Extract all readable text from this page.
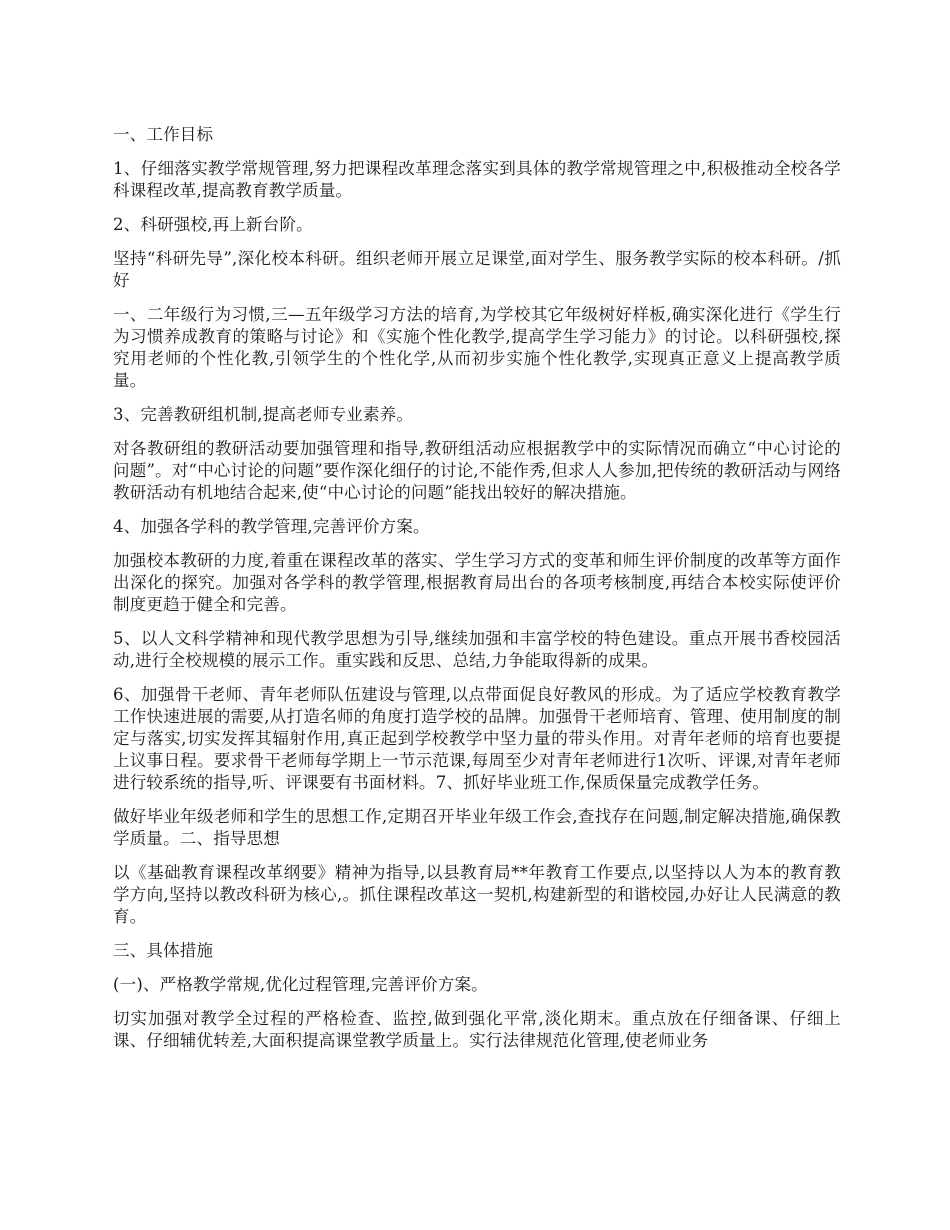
一、工作目标

1、仔细落实教学常规管理,努力把课程改革理念落实到具体的教学常规管理之中,积极推动全校各学科课程改革,提高教育教学质量。

2、科研强校,再上新台阶。

坚持“科研先导”,深化校本科研。组织老师开展立足课堂,面对学生、服务教学实际的校本科研。/抓好

一、二年级行为习惯,三—五年级学习方法的培育,为学校其它年级树好样板,确实深化进行《学生行为习惯养成教育的策略与讨论》和《实施个性化教学,提高学生学习能力》的讨论。以科研强校,探究用老师的个性化教,引领学生的个性化学,从而初步实施个性化教学,实现真正意义上提高教学质量。

3、完善教研组机制,提高老师专业素养。

对各教研组的教研活动要加强管理和指导,教研组活动应根据教学中的实际情况而确立“中心讨论的问题”。对“中心讨论的问题”要作深化细仔的讨论,不能作秀,但求人人参加,把传统的教研活动与网络教研活动有机地结合起来,使“中心讨论的问题”能找出较好的解决措施。

4、加强各学科的教学管理,完善评价方案。

加强校本教研的力度,着重在课程改革的落实、学生学习方式的变革和师生评价制度的改革等方面作出深化的探究。加强对各学科的教学管理,根据教育局出台的各项考核制度,再结合本校实际使评价制度更趋于健全和完善。

5、以人文科学精神和现代教学思想为引导,继续加强和丰富学校的特色建设。重点开展书香校园活动,进行全校规模的展示工作。重实践和反思、总结,力争能取得新的成果。

6、加强骨干老师、青年老师队伍建设与管理,以点带面促良好教风的形成。为了适应学校教育教学工作快速进展的需要,从打造名师的角度打造学校的品牌。加强骨干老师培育、管理、使用制度的制定与落实,切实发挥其辐射作用,真正起到学校教学中坚力量的带头作用。对青年老师的培育也要提上议事日程。要求骨干老师每学期上一节示范课,每周至少对青年老师进行1次听、评课,对青年老师进行较系统的指导,听、评课要有书面材料。7、抓好毕业班工作,保质保量完成教学任务。

做好毕业年级老师和学生的思想工作,定期召开毕业年级工作会,查找存在问题,制定解决措施,确保教学质量。二、指导思想

以《基础教育课程改革纲要》精神为指导,以县教育局**年教育工作要点,以坚持以人为本的教育教学方向,坚持以教改科研为核心,。抓住课程改革这一契机,构建新型的和谐校园,办好让人民满意的教育。

三、具体措施

(一)、严格教学常规,优化过程管理,完善评价方案。

切实加强对教学全过程的严格检查、监控,做到强化平常,淡化期末。重点放在仔细备课、仔细上课、仔细辅优转差,大面积提高课堂教学质量上。实行法律规范化管理,使老师业务
